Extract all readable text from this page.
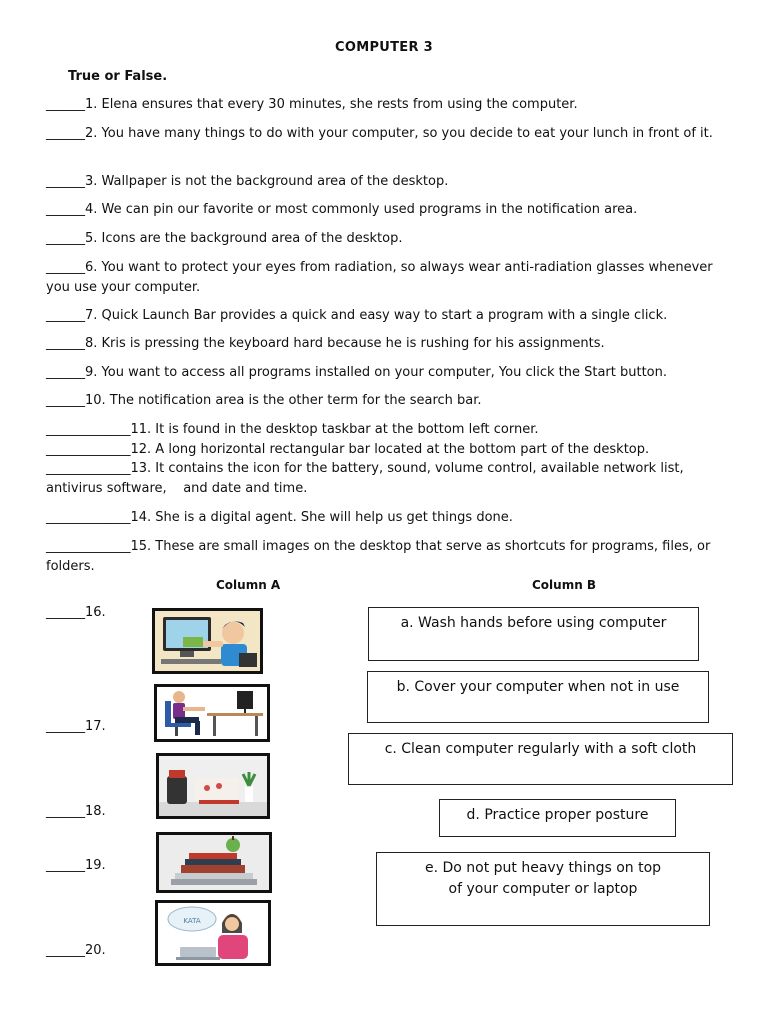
COMPUTER 3
True or False.
______1. Elena ensures that every 30 minutes, she rests from using the computer.
______2. You have many things to do with your computer, so you decide to eat your lunch in front of it.
______3. Wallpaper is not the background area of the desktop.
______4. We can pin our favorite or most commonly used programs in the notification area.
______5. Icons are the background area of the desktop.
______6. You want to protect your eyes from radiation, so always wear anti-radiation glasses whenever you use your computer.
______7. Quick Launch Bar provides a quick and easy way to start a program with a single click.
______8. Kris is pressing the keyboard hard because he is rushing for his assignments.
______9. You want to access all programs installed on your computer, You click the Start button.
______10. The notification area is the other term for the search bar.
_____________11. It is found in the desktop taskbar at the bottom left corner.
_____________12. A long horizontal rectangular bar located at the bottom part of the desktop.
_____________13. It contains the icon for the battery, sound, volume control, available network list, antivirus software,    and date and time.
_____________14. She is a digital agent. She will help us get things done.
_____________15. These are small images on the desktop that serve as shortcuts for programs, files, or folders.
Column A	Column B
______16.
______17.
______18.
______19.
______20.
KATA
a. Wash hands before using computer
b. Cover your computer when not in use
c. Clean computer regularly with a soft cloth
d. Practice proper posture
e. Do not put heavy things on top of your computer or laptop
